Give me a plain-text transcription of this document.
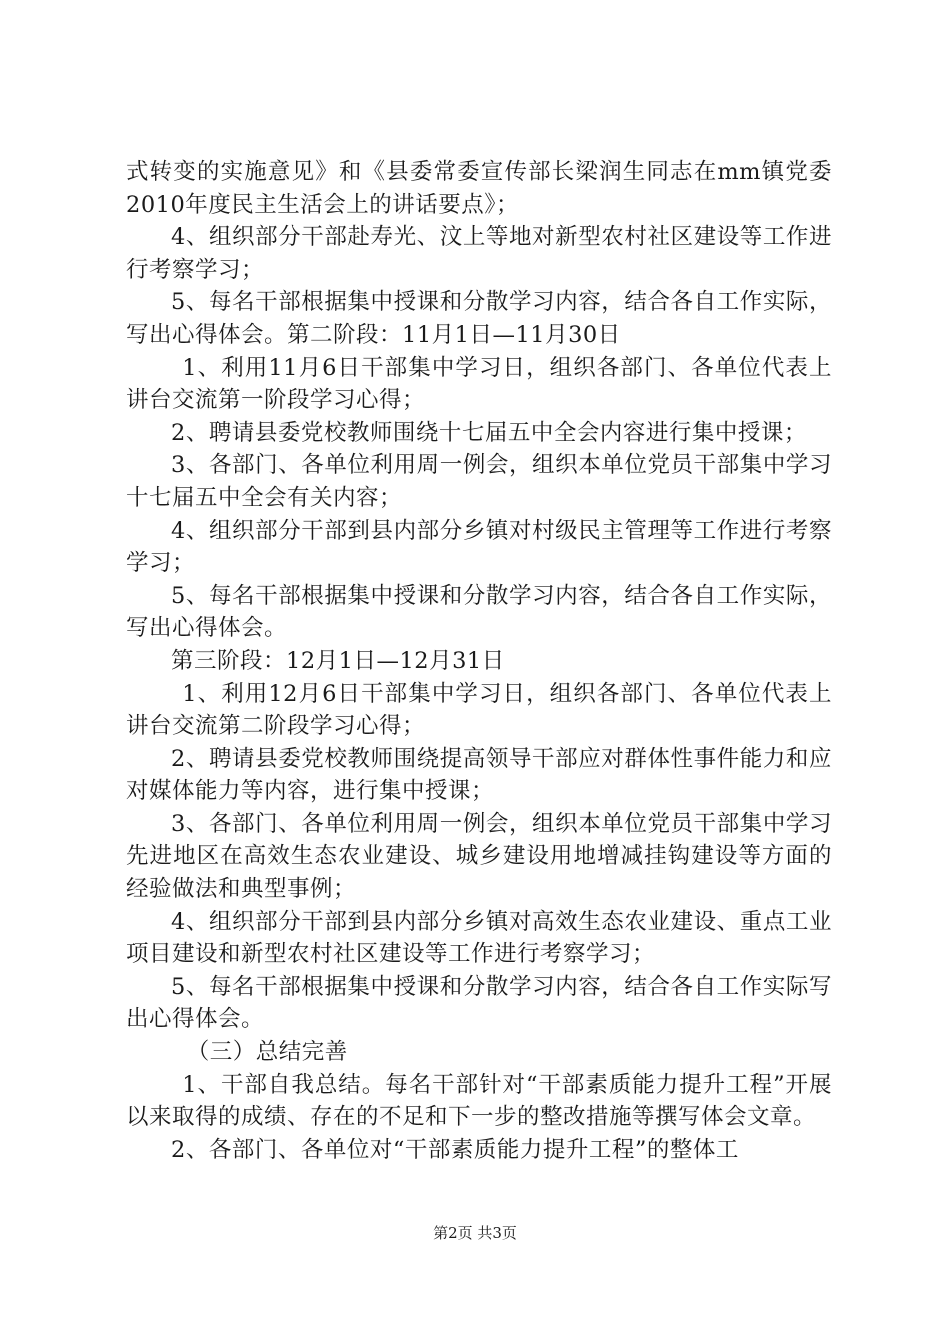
式转变的实施意见》和《县委常委宣传部长梁润生同志在mm镇党委2010年度民主生活会上的讲话要点》；

4、组织部分干部赴寿光、汶上等地对新型农村社区建设等工作进行考察学习；

5、每名干部根据集中授课和分散学习内容，结合各自工作实际，写出心得体会。第二阶段：11月1日—11月30日

1、利用11月6日干部集中学习日，组织各部门、各单位代表上讲台交流第一阶段学习心得；

2、聘请县委党校教师围绕十七届五中全会内容进行集中授课；

3、各部门、各单位利用周一例会，组织本单位党员干部集中学习十七届五中全会有关内容；

4、组织部分干部到县内部分乡镇对村级民主管理等工作进行考察学习；

5、每名干部根据集中授课和分散学习内容，结合各自工作实际，写出心得体会。

第三阶段：12月1日—12月31日

1、利用12月6日干部集中学习日，组织各部门、各单位代表上讲台交流第二阶段学习心得；

2、聘请县委党校教师围绕提高领导干部应对群体性事件能力和应对媒体能力等内容，进行集中授课；

3、各部门、各单位利用周一例会，组织本单位党员干部集中学习先进地区在高效生态农业建设、城乡建设用地增减挂钩建设等方面的经验做法和典型事例；

4、组织部分干部到县内部分乡镇对高效生态农业建设、重点工业项目建设和新型农村社区建设等工作进行考察学习；

5、每名干部根据集中授课和分散学习内容，结合各自工作实际写出心得体会。

（三）总结完善

1、干部自我总结。每名干部针对“干部素质能力提升工程”开展以来取得的成绩、存在的不足和下一步的整改措施等撰写体会文章。

2、各部门、各单位对“干部素质能力提升工程”的整体工

第2页 共3页
